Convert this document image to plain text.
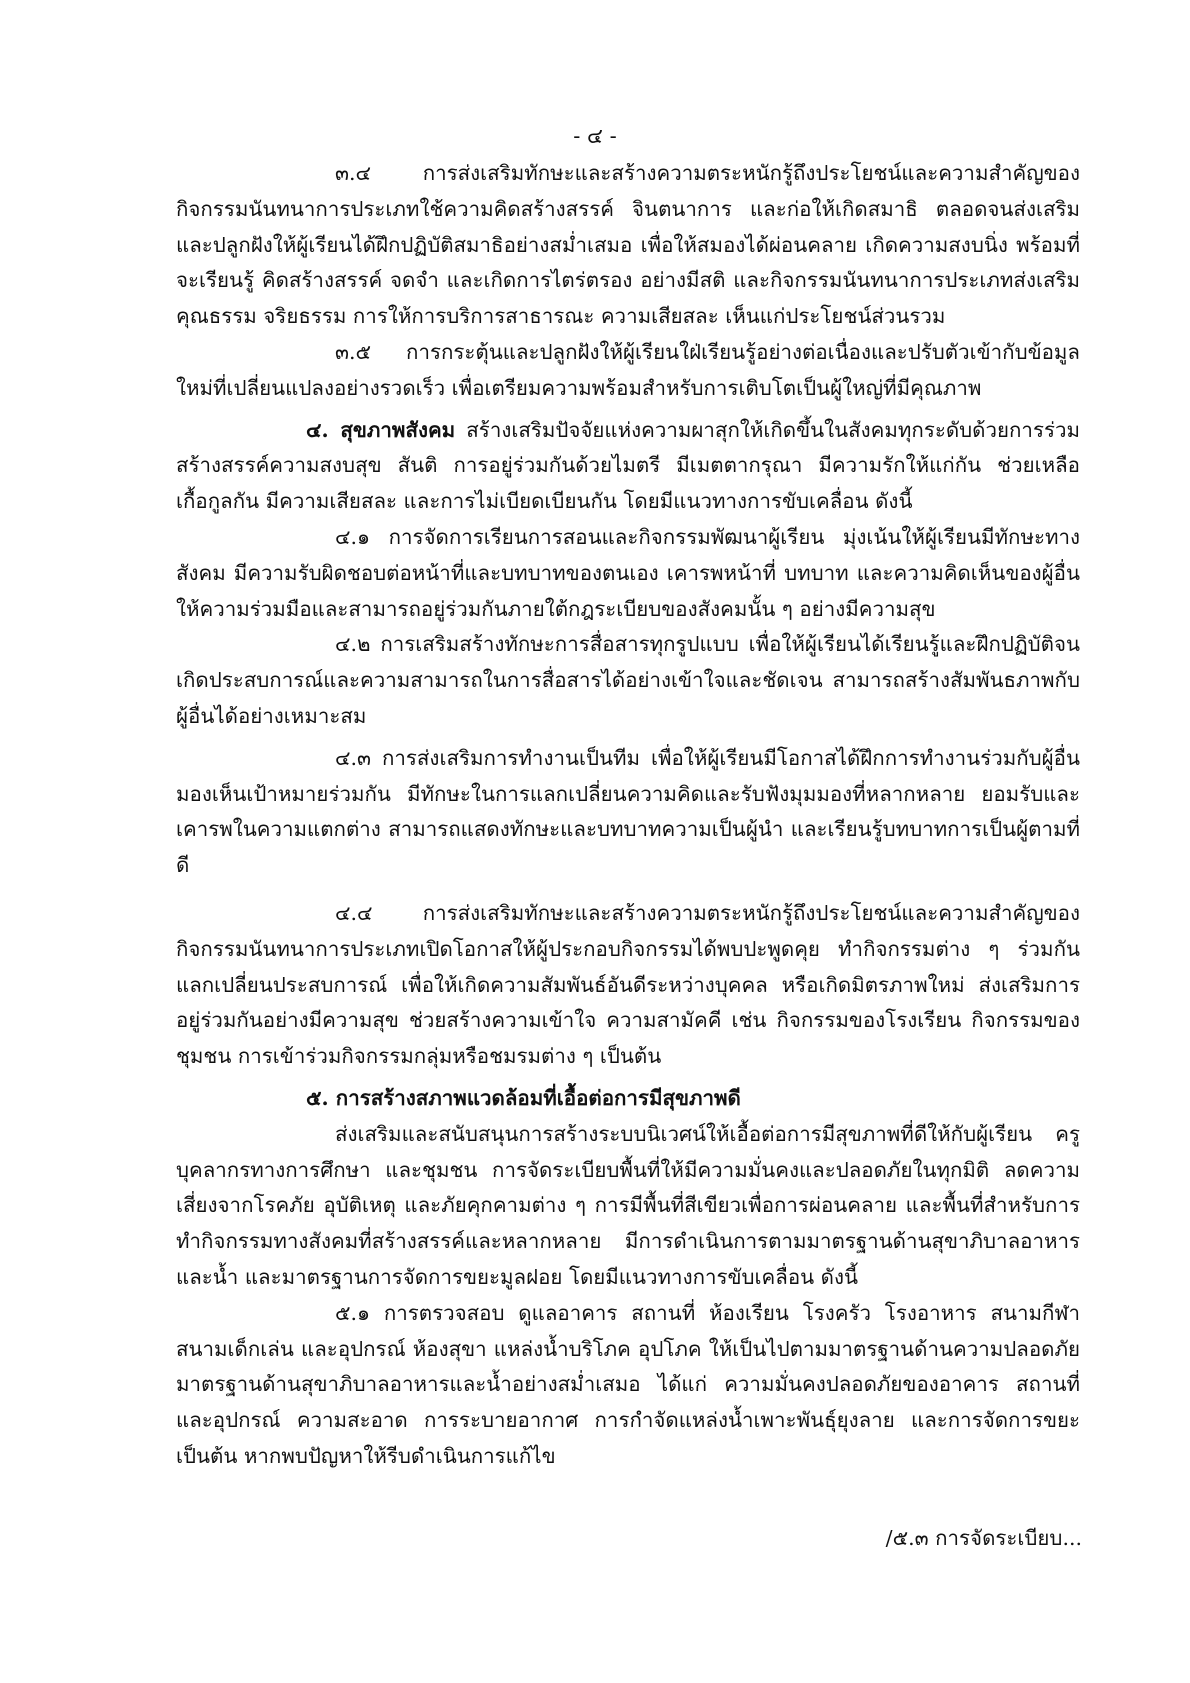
- ๔ -

๓.๔ การส่งเสริมทักษะและสร้างความตระหนักรู้ถึงประโยชน์และความสำคัญของกิจกรรมนันทนาการประเภทใช้ความคิดสร้างสรรค์ จินตนาการ และก่อให้เกิดสมาธิ ตลอดจนส่งเสริมและปลูกฝังให้ผู้เรียนได้ฝึกปฏิบัติสมาธิอย่างสม่ำเสมอ เพื่อให้สมองได้ผ่อนคลาย เกิดความสงบนิ่ง พร้อมที่จะเรียนรู้ คิดสร้างสรรค์ จดจำ และเกิดการไตร่ตรอง อย่างมีสติ และกิจกรรมนันทนาการประเภทส่งเสริมคุณธรรม จริยธรรม การให้การบริการสาธารณะ ความเสียสละ เห็นแก่ประโยชน์ส่วนรวม

๓.๕ การกระตุ้นและปลูกฝังให้ผู้เรียนใฝ่เรียนรู้อย่างต่อเนื่องและปรับตัวเข้ากับข้อมูลใหม่ที่เปลี่ยนแปลงอย่างรวดเร็ว เพื่อเตรียมความพร้อมสำหรับการเติบโตเป็นผู้ใหญ่ที่มีคุณภาพ

๔. สุขภาพสังคม สร้างเสริมปัจจัยแห่งความผาสุกให้เกิดขึ้นในสังคมทุกระดับด้วยการร่วมสร้างสรรค์ความสงบสุข สันติ การอยู่ร่วมกันด้วยไมตรี มีเมตตากรุณา มีความรักให้แก่กัน ช่วยเหลือ เกื้อกูลกัน มีความเสียสละ และการไม่เบียดเบียนกัน โดยมีแนวทางการขับเคลื่อน ดังนี้

๔.๑ การจัดการเรียนการสอนและกิจกรรมพัฒนาผู้เรียน มุ่งเน้นให้ผู้เรียนมีทักษะทางสังคม มีความรับผิดชอบต่อหน้าที่และบทบาทของตนเอง เคารพหน้าที่ บทบาท และความคิดเห็นของผู้อื่นให้ความร่วมมือและสามารถอยู่ร่วมกันภายใต้กฎระเบียบของสังคมนั้น ๆ อย่างมีความสุข

๔.๒ การเสริมสร้างทักษะการสื่อสารทุกรูปแบบ เพื่อให้ผู้เรียนได้เรียนรู้และฝึกปฏิบัติจนเกิดประสบการณ์และความสามารถในการสื่อสารได้อย่างเข้าใจและชัดเจน สามารถสร้างสัมพันธภาพกับผู้อื่นได้อย่างเหมาะสม

๔.๓ การส่งเสริมการทำงานเป็นทีม เพื่อให้ผู้เรียนมีโอกาสได้ฝึกการทำงานร่วมกับผู้อื่นมองเห็นเป้าหมายร่วมกัน มีทักษะในการแลกเปลี่ยนความคิดและรับฟังมุมมองที่หลากหลาย ยอมรับและเคารพในความแตกต่าง สามารถแสดงทักษะและบทบาทความเป็นผู้นำ และเรียนรู้บทบาทการเป็นผู้ตามที่ดี

๔.๔ การส่งเสริมทักษะและสร้างความตระหนักรู้ถึงประโยชน์และความสำคัญของ กิจกรรมนันทนาการประเภทเปิดโอกาสให้ผู้ประกอบกิจกรรมได้พบปะพูดคุย ทำกิจกรรมต่าง ๆ ร่วมกัน แลกเปลี่ยนประสบการณ์ เพื่อให้เกิดความสัมพันธ์อันดีระหว่างบุคคล หรือเกิดมิตรภาพใหม่ ส่งเสริมการอยู่ร่วมกันอย่างมีความสุข ช่วยสร้างความเข้าใจ ความสามัคคี เช่น กิจกรรมของโรงเรียน กิจกรรมของชุมชน การเข้าร่วมกิจกรรมกลุ่มหรือชมรมต่าง ๆ เป็นต้น

๕. การสร้างสภาพแวดล้อมที่เอื้อต่อการมีสุขภาพดี

ส่งเสริมและสนับสนุนการสร้างระบบนิเวศน์ให้เอื้อต่อการมีสุขภาพที่ดีให้กับผู้เรียน ครู บุคลากรทางการศึกษา และชุมชน การจัดระเบียบพื้นที่ให้มีความมั่นคงและปลอดภัยในทุกมิติ ลดความเสี่ยงจากโรคภัย อุบัติเหตุ และภัยคุกคามต่าง ๆ การมีพื้นที่สีเขียวเพื่อการผ่อนคลาย และพื้นที่สำหรับการทำกิจกรรมทางสังคมที่สร้างสรรค์และหลากหลาย มีการดำเนินการตามมาตรฐานด้านสุขาภิบาลอาหารและน้ำ และมาตรฐานการจัดการขยะมูลฝอย โดยมีแนวทางการขับเคลื่อน ดังนี้

๕.๑ การตรวจสอบ ดูแลอาคาร สถานที่ ห้องเรียน โรงครัว โรงอาหาร สนามกีฬา สนามเด็กเล่น และอุปกรณ์ ห้องสุขา แหล่งน้ำบริโภค อุปโภค ให้เป็นไปตามมาตรฐานด้านความปลอดภัย มาตรฐานด้านสุขาภิบาลอาหารและน้ำอย่างสม่ำเสมอ ได้แก่ ความมั่นคงปลอดภัยของอาคาร สถานที่และอุปกรณ์ ความสะอาด การระบายอากาศ การกำจัดแหล่งน้ำเพาะพันธุ์ยุงลาย และการจัดการขยะ เป็นต้น หากพบปัญหาให้รีบดำเนินการแก้ไข

/๕.๓ การจัดระเบียบ...
